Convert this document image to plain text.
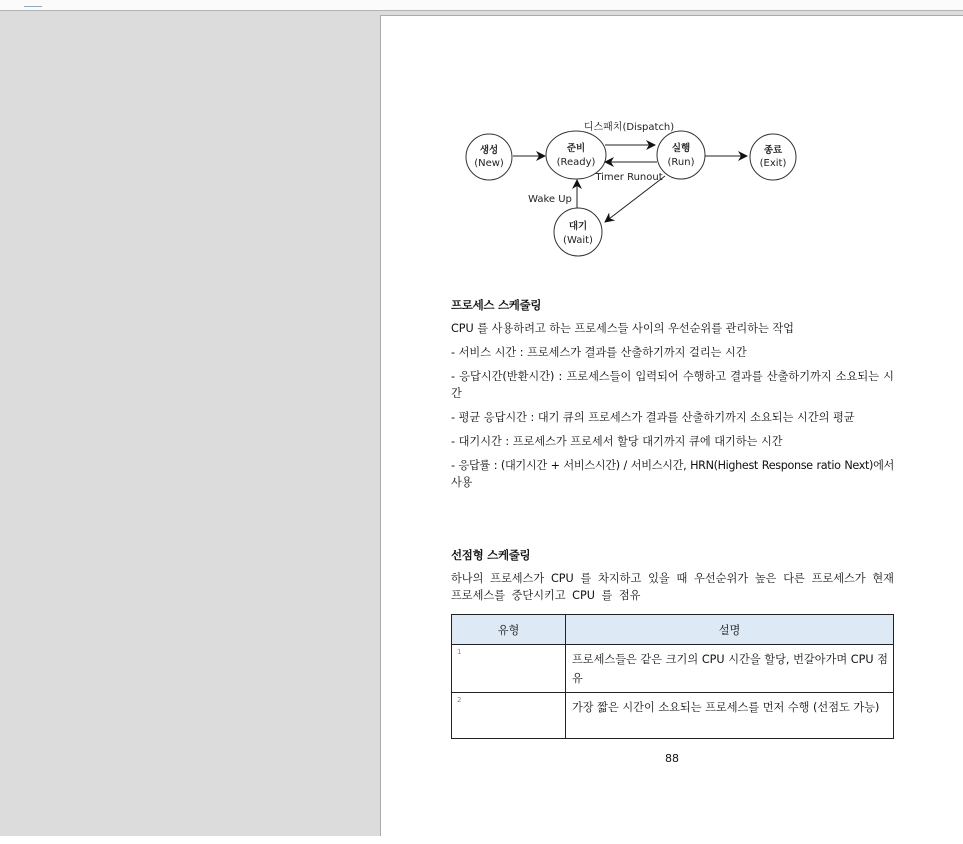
생성
(New)
준비
(Ready)
실행
(Run)
종료
(Exit)
대기
(Wait)
디스패치(Dispatch)
Timer Runout
Wake Up
프로세스 스케줄링

CPU 를 사용하려고 하는 프로세스들 사이의 우선순위를 관리하는 작업

- 서비스 시간 : 프로세스가 결과를 산출하기까지 걸리는 시간

- 응답시간(반환시간) : 프로세스들이 입력되어 수행하고 결과를 산출하기까지 소요되는 시간

- 평균 응답시간 : 대기 큐의 프로세스가 결과를 산출하기까지 소요되는 시간의 평균

- 대기시간 : 프로세스가 프로세서 할당 대기까지 큐에 대기하는 시간

- 응답률 : (대기시간 + 서비스시간) / 서비스시간, HRN(Highest Response ratio Next)에서 사용

선점형 스케줄링

하나의 프로세스가 CPU 를 차지하고 있을 때 우선순위가 높은 다른 프로세스가 현재 프로세스를 중단시키고 CPU 를 점유

유형	설명
1	프로세스들은 같은 크기의 CPU 시간을 할당, 번갈아가며 CPU 점유
2	가장 짧은 시간이 소요되는 프로세스를 먼저 수행 (선점도 가능)
88
